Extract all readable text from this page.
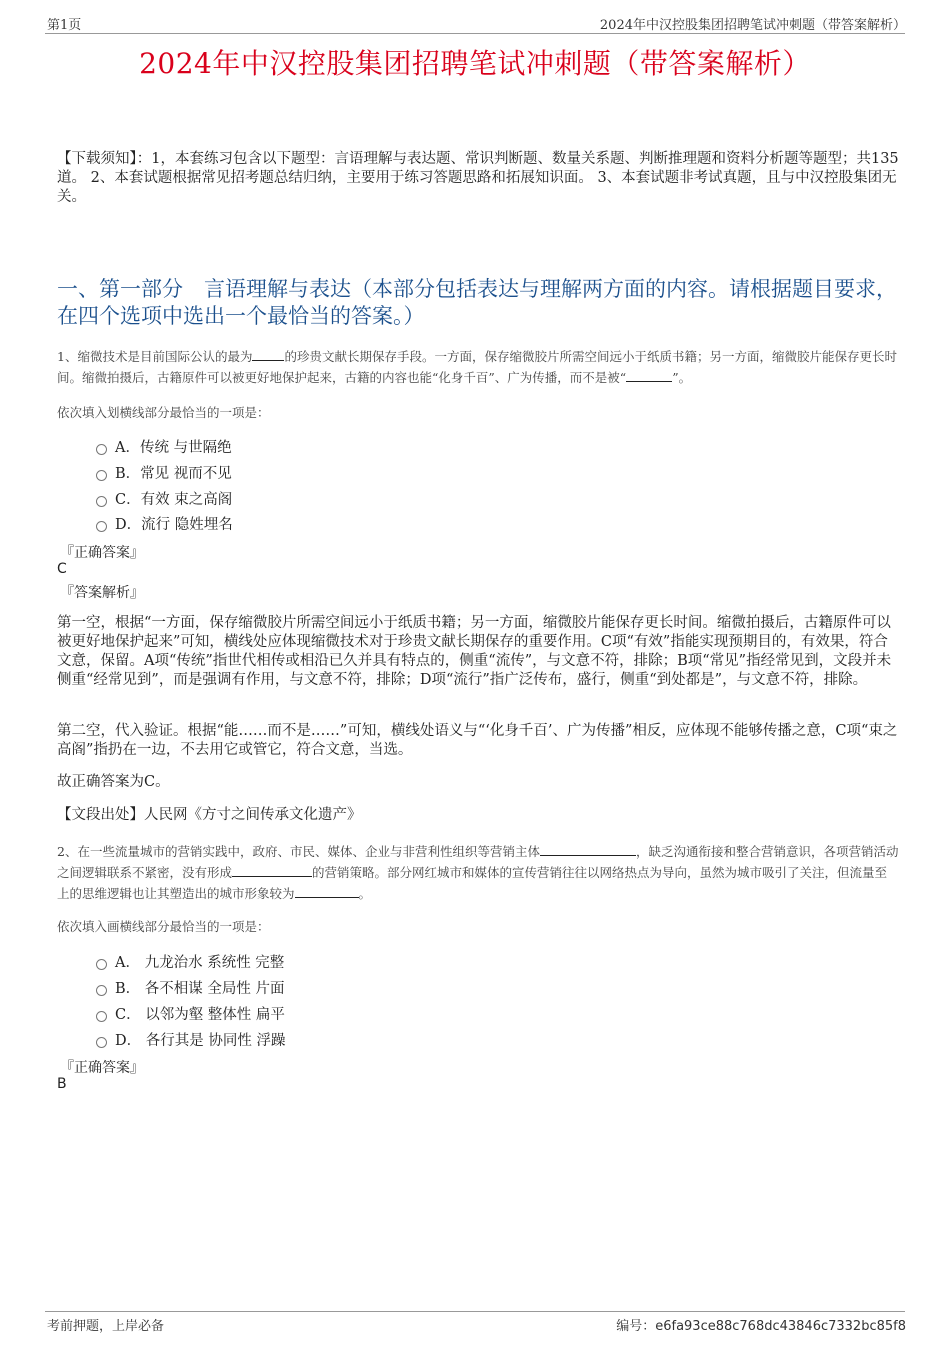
第1页	2024年中汉控股集团招聘笔试冲刺题（带答案解析）
2024年中汉控股集团招聘笔试冲刺题（带答案解析）
【下载须知】：1，本套练习包含以下题型：言语理解与表达题、常识判断题、数量关系题、判断推理题和资料分析题等题型；共135道。 2、本套试题根据常见招考题总结归纳，主要用于练习答题思路和拓展知识面。 3、本套试题非考试真题，且与中汉控股集团无关。
一、第一部分　言语理解与表达（本部分包括表达与理解两方面的内容。请根据题目要求，在四个选项中选出一个最恰当的答案。）
1、缩微技术是目前国际公认的最为	的珍贵文献长期保存手段。一方面，保存缩微胶片所需空间远小于纸质书籍；另一方面，缩微胶片能保存更长时间。缩微拍摄后，古籍原件可以被更好地保护起来，古籍的内容也能“化身千百”、广为传播，而不是被“	”。
依次填入划横线部分最恰当的一项是：
A．传统 与世隔绝
B．常见 视而不见
C．有效 束之高阁
D．流行 隐姓埋名
『正确答案』
C
『答案解析』
第一空，根据“一方面，保存缩微胶片所需空间远小于纸质书籍；另一方面，缩微胶片能保存更长时间。缩微拍摄后，古籍原件可以被更好地保护起来”可知，横线处应体现缩微技术对于珍贵文献长期保存的重要作用。C项“有效”指能实现预期目的，有效果，符合文意，保留。A项“传统”指世代相传或相沿已久并具有特点的，侧重“流传”，与文意不符，排除；B项“常见”指经常见到，文段并未侧重“经常见到”，而是强调有作用，与文意不符，排除；D项“流行”指广泛传布，盛行，侧重“到处都是”，与文意不符，排除。
第二空，代入验证。根据“能……而不是……”可知，横线处语义与“‘化身千百’、广为传播”相反，应体现不能够传播之意，C项“束之高阁”指扔在一边，不去用它或管它，符合文意，当选。
故正确答案为C。
【文段出处】人民网《方寸之间传承文化遗产》
2、在一些流量城市的营销实践中，政府、市民、媒体、企业与非营利性组织等营销主体	，缺乏沟通衔接和整合营销意识，各项营销活动之间逻辑联系不紧密，没有形成	的营销策略。部分网红城市和媒体的宣传营销往往以网络热点为导向，虽然为城市吸引了关注，但流量至上的思维逻辑也让其塑造出的城市形象较为	。
依次填入画横线部分最恰当的一项是：
A． 九龙治水 系统性 完整
B． 各不相谋 全局性 片面
C． 以邻为壑 整体性 扁平
D． 各行其是 协同性 浮躁
『正确答案』
B
考前押题，上岸必备	编号：e6fa93ce88c768dc43846c7332bc85f8
